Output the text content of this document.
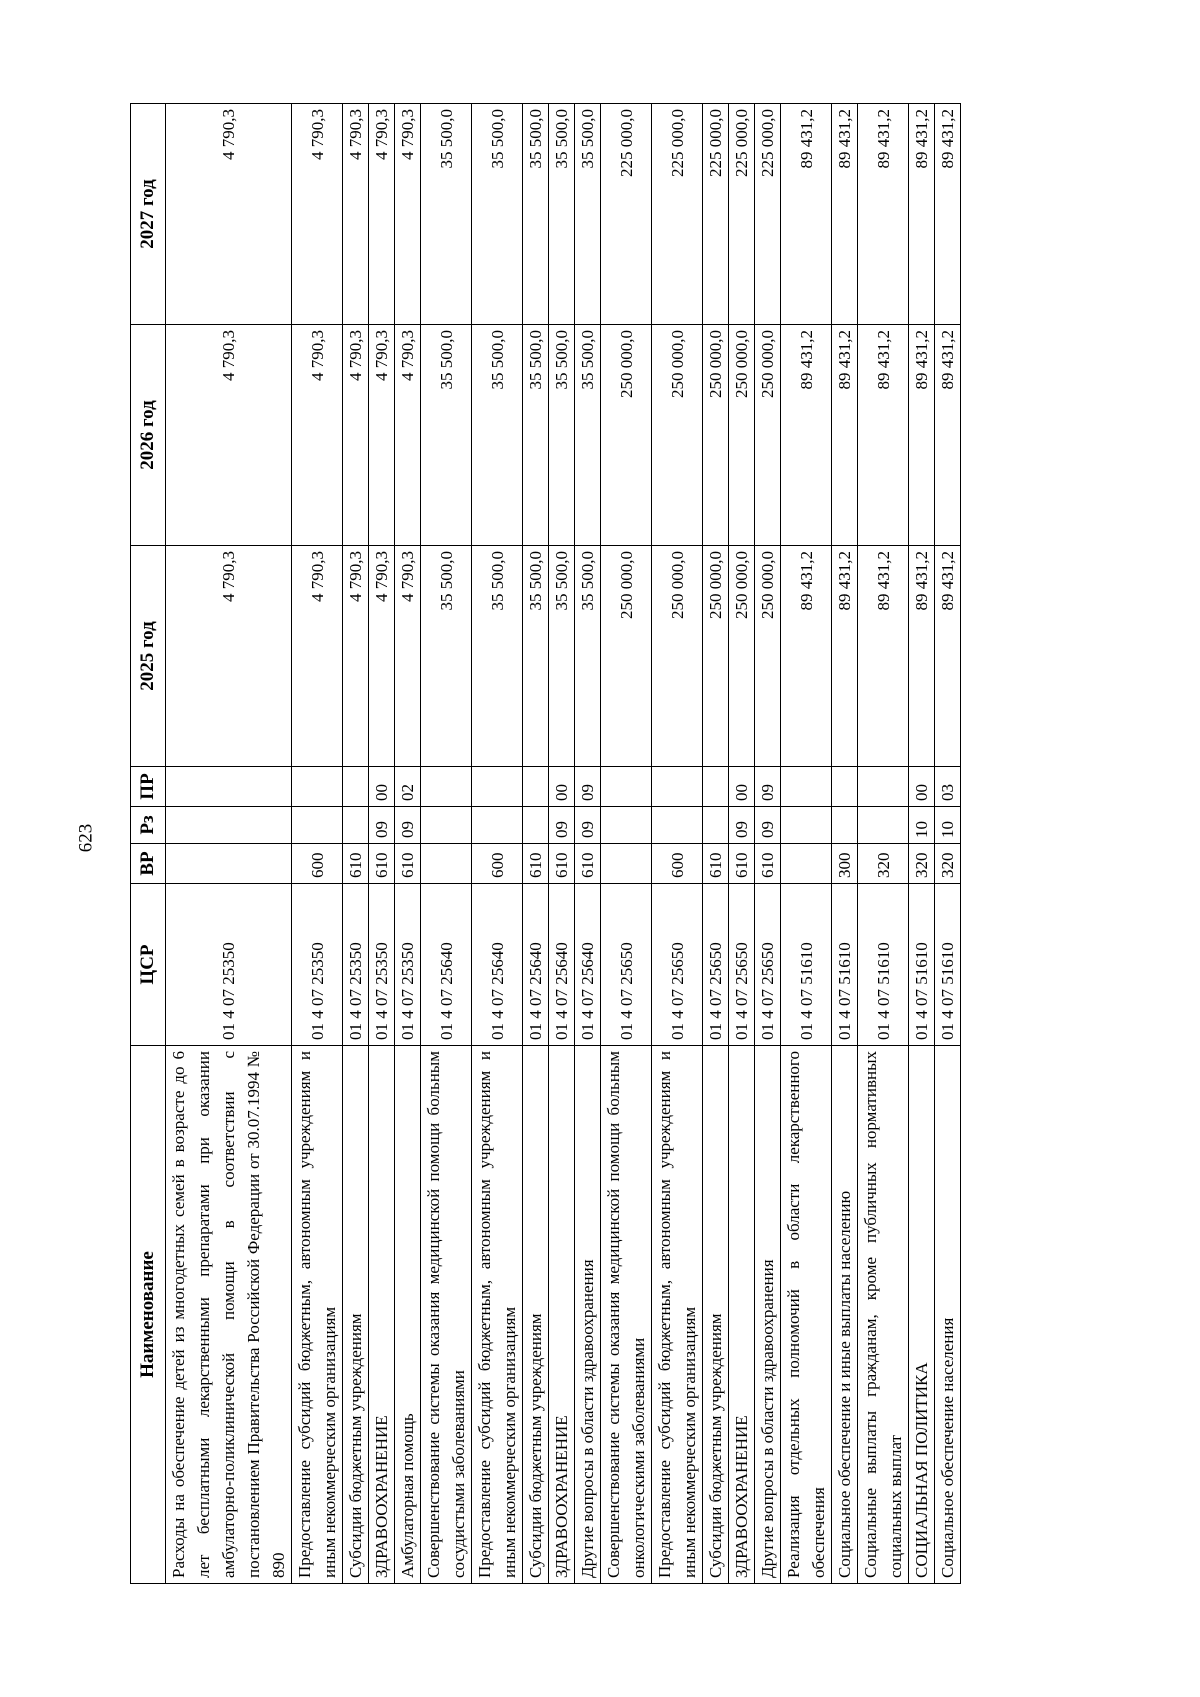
623
Наименование	ЦСР	ВР	Рз	ПР	2025 год	2026 год	2027 год
Расходы на обеспечение детей из многодетных семей в возрасте до 6 лет бесплатными лекарственными препаратами при оказании амбулаторно-поликлинической помощи в соответствии с постановлением Правительства Российской Федерации от 30.07.1994 № 890	01 4 07 25350				4 790,3	4 790,3	4 790,3
Предоставление субсидий бюджетным, автономным учреждениям и иным некоммерческим организациям	01 4 07 25350	600			4 790,3	4 790,3	4 790,3
Субсидии бюджетным учреждениям	01 4 07 25350	610			4 790,3	4 790,3	4 790,3
ЗДРАВООХРАНЕНИЕ	01 4 07 25350	610	09	00	4 790,3	4 790,3	4 790,3
Амбулаторная помощь	01 4 07 25350	610	09	02	4 790,3	4 790,3	4 790,3
Совершенствование системы оказания медицинской помощи больным сосудистыми заболеваниями	01 4 07 25640				35 500,0	35 500,0	35 500,0
Предоставление субсидий бюджетным, автономным учреждениям и иным некоммерческим организациям	01 4 07 25640	600			35 500,0	35 500,0	35 500,0
Субсидии бюджетным учреждениям	01 4 07 25640	610			35 500,0	35 500,0	35 500,0
ЗДРАВООХРАНЕНИЕ	01 4 07 25640	610	09	00	35 500,0	35 500,0	35 500,0
Другие вопросы в области здравоохранения	01 4 07 25640	610	09	09	35 500,0	35 500,0	35 500,0
Совершенствование системы оказания медицинской помощи больным онкологическими заболеваниями	01 4 07 25650				250 000,0	250 000,0	225 000,0
Предоставление субсидий бюджетным, автономным учреждениям и иным некоммерческим организациям	01 4 07 25650	600			250 000,0	250 000,0	225 000,0
Субсидии бюджетным учреждениям	01 4 07 25650	610			250 000,0	250 000,0	225 000,0
ЗДРАВООХРАНЕНИЕ	01 4 07 25650	610	09	00	250 000,0	250 000,0	225 000,0
Другие вопросы в области здравоохранения	01 4 07 25650	610	09	09	250 000,0	250 000,0	225 000,0
Реализация отдельных полномочий в области лекарственного обеспечения	01 4 07 51610				89 431,2	89 431,2	89 431,2
Социальное обеспечение и иные выплаты населению	01 4 07 51610	300			89 431,2	89 431,2	89 431,2
Социальные выплаты гражданам, кроме публичных нормативных социальных выплат	01 4 07 51610	320			89 431,2	89 431,2	89 431,2
СОЦИАЛЬНАЯ ПОЛИТИКА	01 4 07 51610	320	10	00	89 431,2	89 431,2	89 431,2
Социальное обеспечение населения	01 4 07 51610	320	10	03	89 431,2	89 431,2	89 431,2
